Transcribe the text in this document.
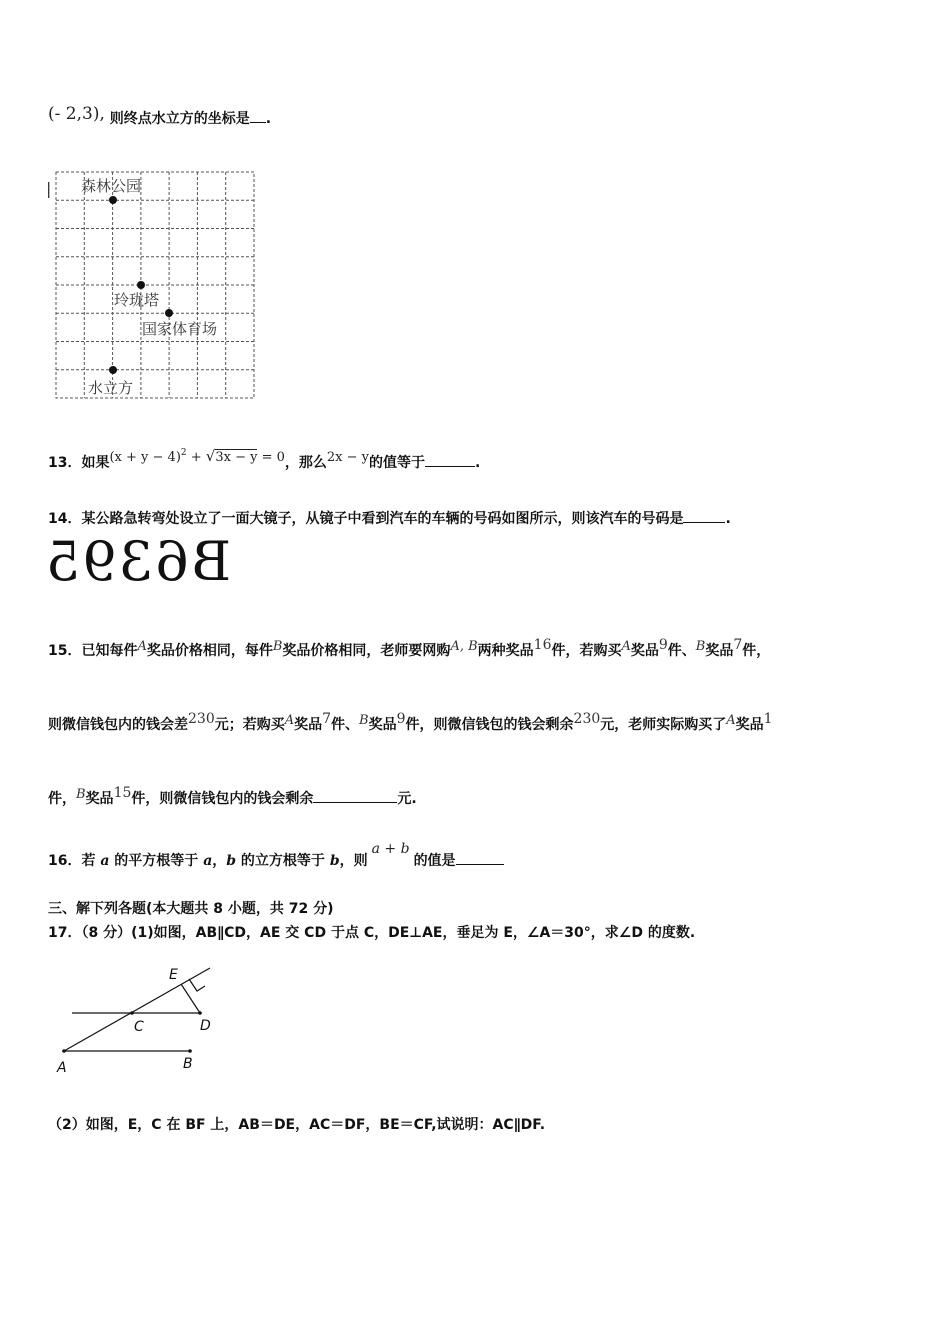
(- 2,3), 则终点水立方的坐标是 .
| 森林公园
玲珑塔
国家体育场
水立方
13．如果$(x + y - 4)^2 + √3x - y = 0$，那么2x − y的值等于	.
14．某公路急转弯处设立了一面大镜子，从镜子中看到汽车的车辆的号码如图所示，则该汽车的号码是	.
B6395
15．已知每件A奖品价格相同，每件B奖品价格相同，老师要网购A, B两种奖品16件，若购买A奖品9件、B奖品7件，
则微信钱包内的钱会差230元；若购买A奖品7件、B奖品9件，则微信钱包的钱会剩余230元，老师实际购买了A奖品1
件，B奖品15件，则微信钱包内的钱会剩余	元.
16．若 a 的平方根等于 a，b 的立方根等于 b，则a + b的值是
三、解下列各题(本大题共 8 小题，共 72 分)
17．（8 分）(1)如图，AB∥CD，AE 交 CD 于点 C，DE⊥AE，垂足为 E，∠A＝30°，求∠D 的度数.
E
C	D
A	B
（2）如图，E，C 在 BF 上，AB＝DE，AC＝DF，BE＝CF,试说明：AC∥DF.
